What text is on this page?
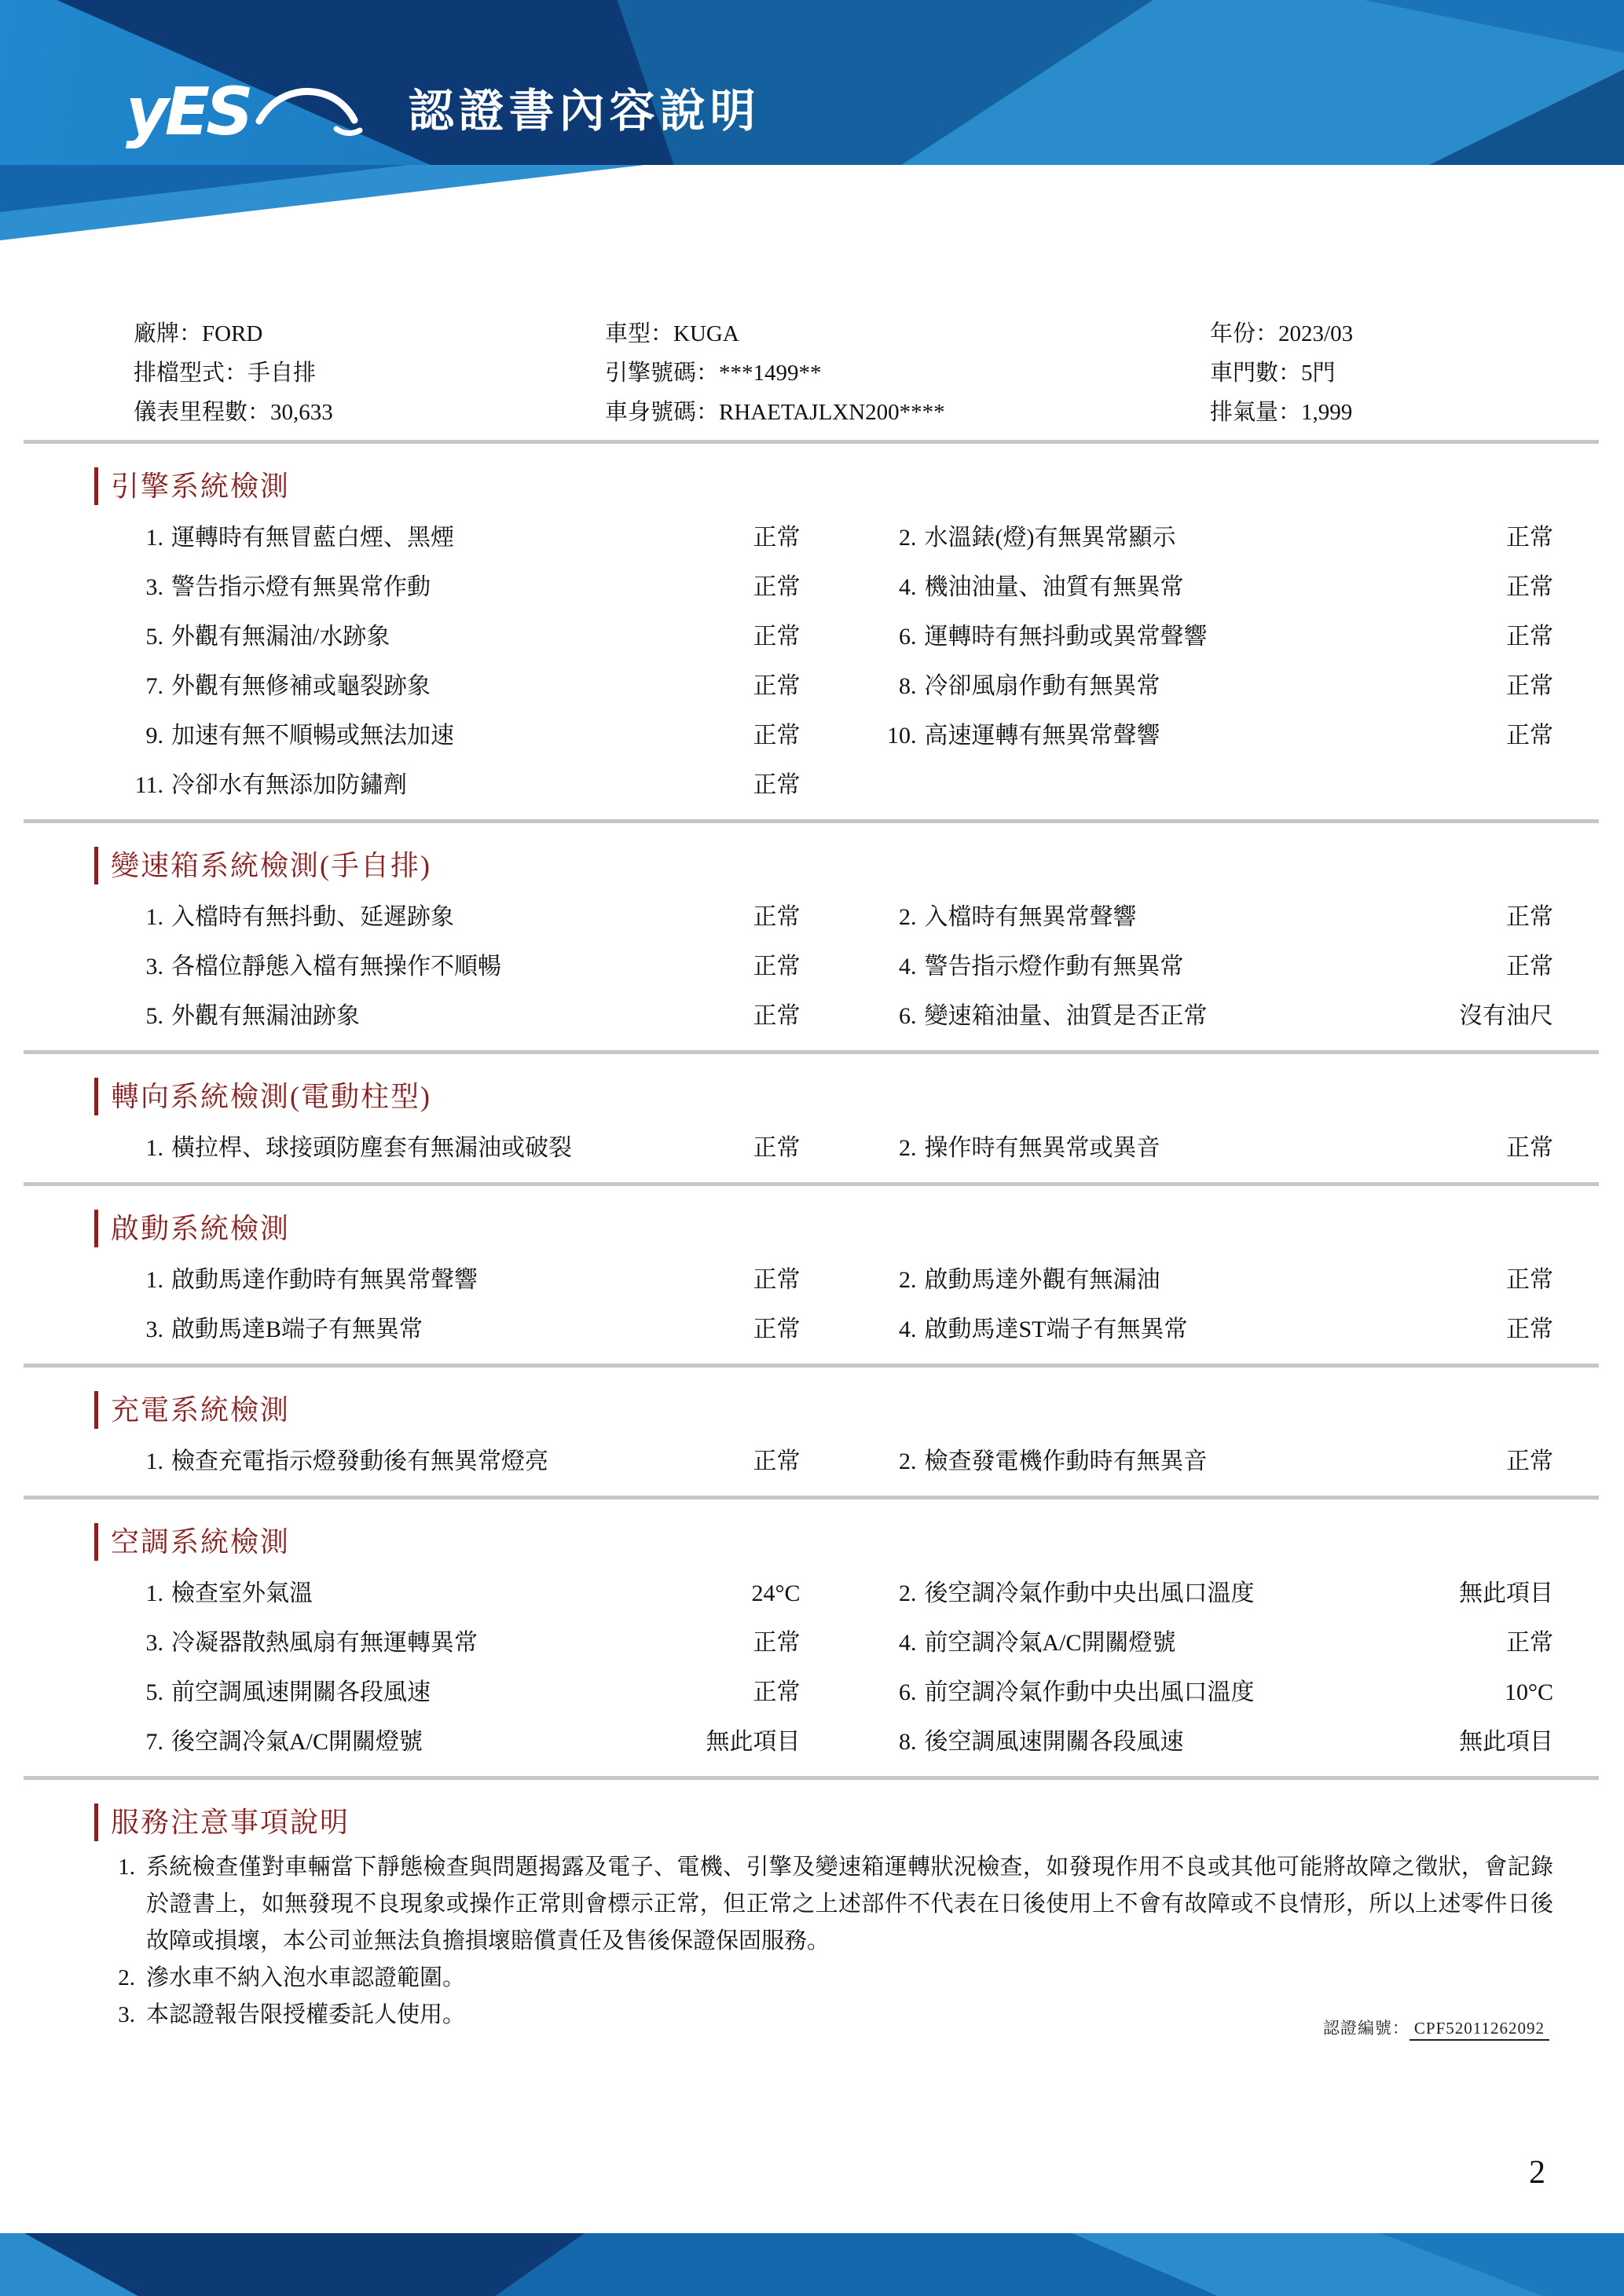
yES	認證書內容說明
廠牌：FORD	車型：KUGA	年份：2023/03
排檔型式：手自排	引擎號碼：***1499**	車門數：5門
儀表里程數：30,633	車身號碼：RHAETAJLXN200****	排氣量：1,999
引擎系統檢測
1. 運轉時有無冒藍白煙、黑煙	正常	2. 水溫錶(燈)有無異常顯示	正常
3. 警告指示燈有無異常作動	正常	4. 機油油量、油質有無異常	正常
5. 外觀有無漏油/水跡象	正常	6. 運轉時有無抖動或異常聲響	正常
7. 外觀有無修補或龜裂跡象	正常	8. 冷卻風扇作動有無異常	正常
9. 加速有無不順暢或無法加速	正常	10. 高速運轉有無異常聲響	正常
11. 冷卻水有無添加防鏽劑	正常
變速箱系統檢測(手自排)
1. 入檔時有無抖動、延遲跡象	正常	2. 入檔時有無異常聲響	正常
3. 各檔位靜態入檔有無操作不順暢	正常	4. 警告指示燈作動有無異常	正常
5. 外觀有無漏油跡象	正常	6. 變速箱油量、油質是否正常	沒有油尺
轉向系統檢測(電動柱型)
1. 橫拉桿、球接頭防塵套有無漏油或破裂	正常	2. 操作時有無異常或異音	正常
啟動系統檢測
1. 啟動馬達作動時有無異常聲響	正常	2. 啟動馬達外觀有無漏油	正常
3. 啟動馬達B端子有無異常	正常	4. 啟動馬達ST端子有無異常	正常
充電系統檢測
1. 檢查充電指示燈發動後有無異常燈亮	正常	2. 檢查發電機作動時有無異音	正常
空調系統檢測
1. 檢查室外氣溫	24°C	2. 後空調冷氣作動中央出風口溫度	無此項目
3. 冷凝器散熱風扇有無運轉異常	正常	4. 前空調冷氣A/C開關燈號	正常
5. 前空調風速開關各段風速	正常	6. 前空調冷氣作動中央出風口溫度	10°C
7. 後空調冷氣A/C開關燈號	無此項目	8. 後空調風速開關各段風速	無此項目
服務注意事項說明
1. 系統檢查僅對車輛當下靜態檢查與問題揭露及電子、電機、引擎及變速箱運轉狀況檢查，如發現作用不良或其他可能將故障之徵狀，會記錄於證書上，如無發現不良現象或操作正常則會標示正常，但正常之上述部件不代表在日後使用上不會有故障或不良情形，所以上述零件日後故障或損壞，本公司並無法負擔損壞賠償責任及售後保證保固服務。
2. 滲水車不納入泡水車認證範圍。
3. 本認證報告限授權委託人使用。
認證編號： CPF52011262092
2
